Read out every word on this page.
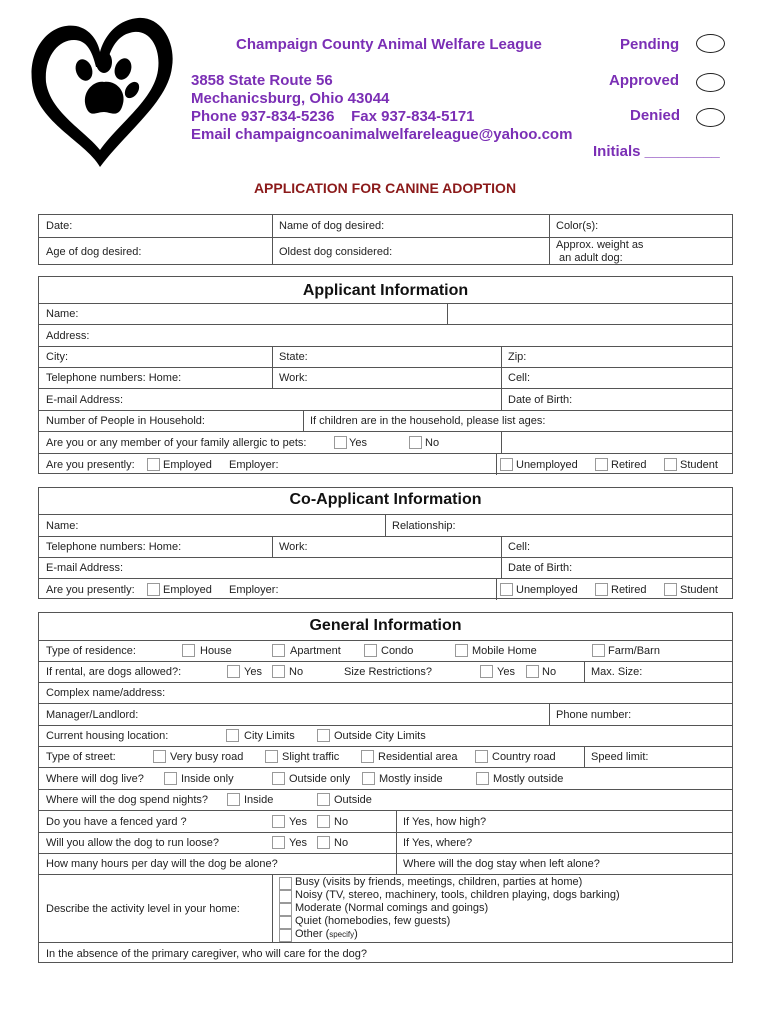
Champaign County Animal Welfare League
3858 State Route 56
Mechanicsburg, Ohio 43044
Phone 937-834-5236    Fax 937-834-5171
Email champaigncoanimalwelfareleague@yahoo.com
Pending
Approved
Denied
Initials _________
APPLICATION FOR CANINE ADOPTION
Date:	Name of dog desired:	Color(s):
Age of dog desired:	Oldest dog considered:
Approx. weight as
an adult dog:
Applicant Information
Name:
Address:
City:	State:	Zip:
Telephone numbers: Home:	Work:	Cell:
E-mail Address:	Date of Birth:
Number of People in Household:	If children are in the household, please list ages:
Are you or any member of your family allergic to pets:	Yes	No
Are you presently:	Employed Employer:	Unemployed	Retired	Student
Co-Applicant Information
Name:	Relationship:
Telephone numbers: Home:	Work:	Cell:
E-mail Address:	Date of Birth:
Are you presently:	Employed Employer:	Unemployed	Retired	Student
General Information
Type of residence:	House	Apartment	Condo	Mobile Home	Farm/Barn
If rental, are dogs allowed?:	Yes No	Size Restrictions?	Yes No	Max. Size:
Complex name/address:
Manager/Landlord:	Phone number:
Current housing location:	City Limits	Outside City Limits
Type of street:	Very busy road	Slight traffic	Residential area	Country road	Speed limit:
Where will dog live?	Inside only	Outside only	Mostly inside	Mostly outside
Where will the dog spend nights?	Inside	Outside
Do you have a fenced yard ?	Yes No	If Yes, how high?
Will you allow the dog to run loose?	Yes No	If Yes, where?
How many hours per day will the dog be alone?	Where will the dog stay when left alone?
Describe the activity level in your home:
Busy (visits by friends, meetings, children, parties at home)
Noisy (TV, stereo, machinery, tools, children playing, dogs barking)
Moderate (Normal comings and goings)
Quiet (homebodies, few guests)
Other (specify)
In the absence of the primary caregiver, who will care for the dog?
